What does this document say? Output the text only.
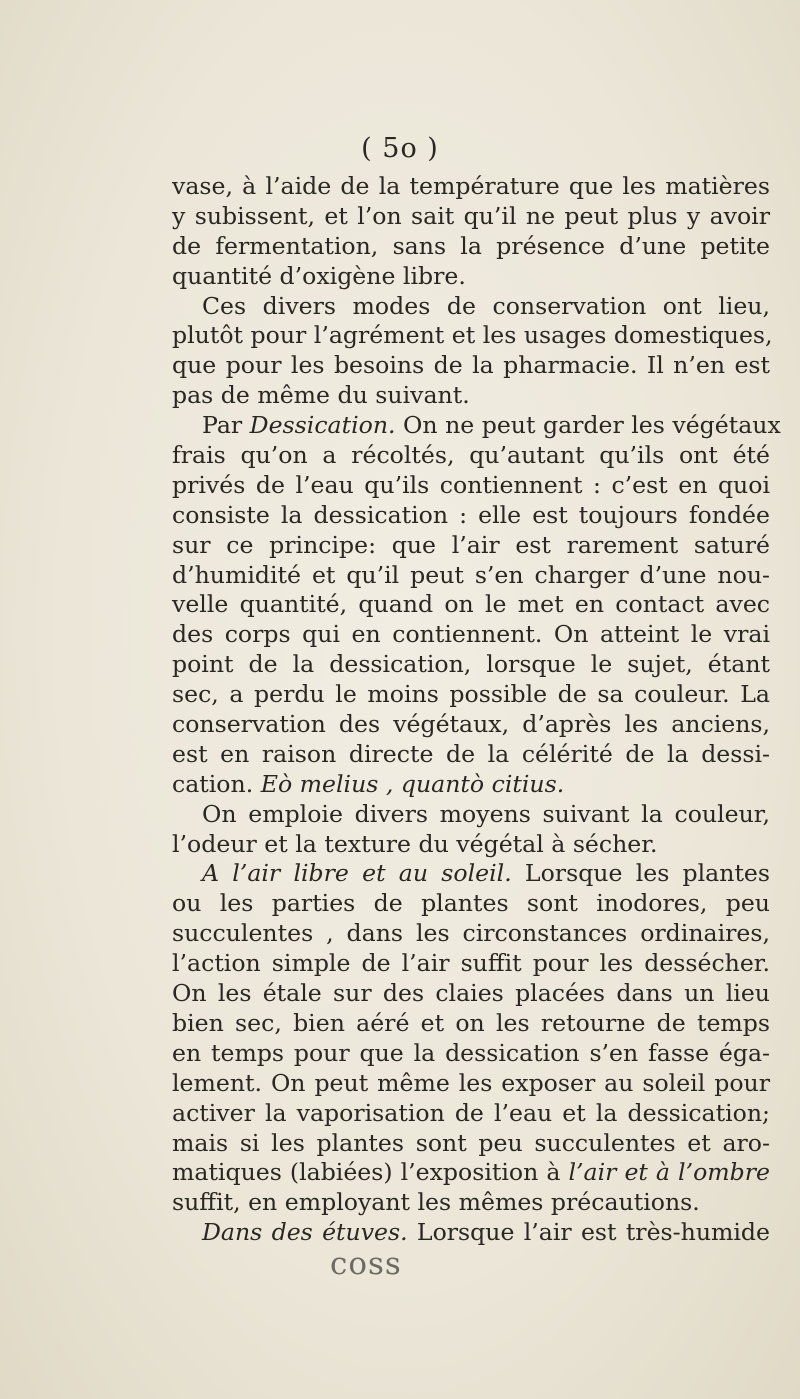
( 5o )
vase, à l’aide de la température que les matières
y subissent, et l’on sait qu’il ne peut plus y avoir
de fermentation, sans la présence d’une petite
quantité d’oxigène libre.
Ces divers modes de conservation ont lieu,
plutôt pour l’agrément et les usages domestiques,
que pour les besoins de la pharmacie. Il n’en est
pas de même du suivant.
Par Dessication. On ne peut garder les végétaux
frais qu’on a récoltés, qu’autant qu’ils ont été
privés de l’eau qu’ils contiennent : c’est en quoi
consiste la dessication : elle est toujours fondée
sur ce principe: que l’air est rarement saturé
d’humidité et qu’il peut s’en charger d’une nou-
velle quantité, quand on le met en contact avec
des corps qui en contiennent. On atteint le vrai
point de la dessication, lorsque le sujet, étant
sec, a perdu le moins possible de sa couleur. La
conservation des végétaux, d’après les anciens,
est en raison directe de la célérité de la dessi-
cation. Eò melius , quantò citius.
On emploie divers moyens suivant la couleur,
l’odeur et la texture du végétal à sécher.
A l’air libre et au soleil. Lorsque les plantes
ou les parties de plantes sont inodores, peu
succulentes , dans les circonstances ordinaires,
l’action simple de l’air suffit pour les dessécher.
On les étale sur des claies placées dans un lieu
bien sec, bien aéré et on les retourne de temps
en temps pour que la dessication s’en fasse éga-
lement. On peut même les exposer au soleil pour
activer la vaporisation de l’eau et la dessication;
mais si les plantes sont peu succulentes et aro-
matiques (labiées) l’exposition à l’air et à l’ombre
suffit, en employant les mêmes précautions.
Dans des étuves. Lorsque l’air est très-humide
coss
